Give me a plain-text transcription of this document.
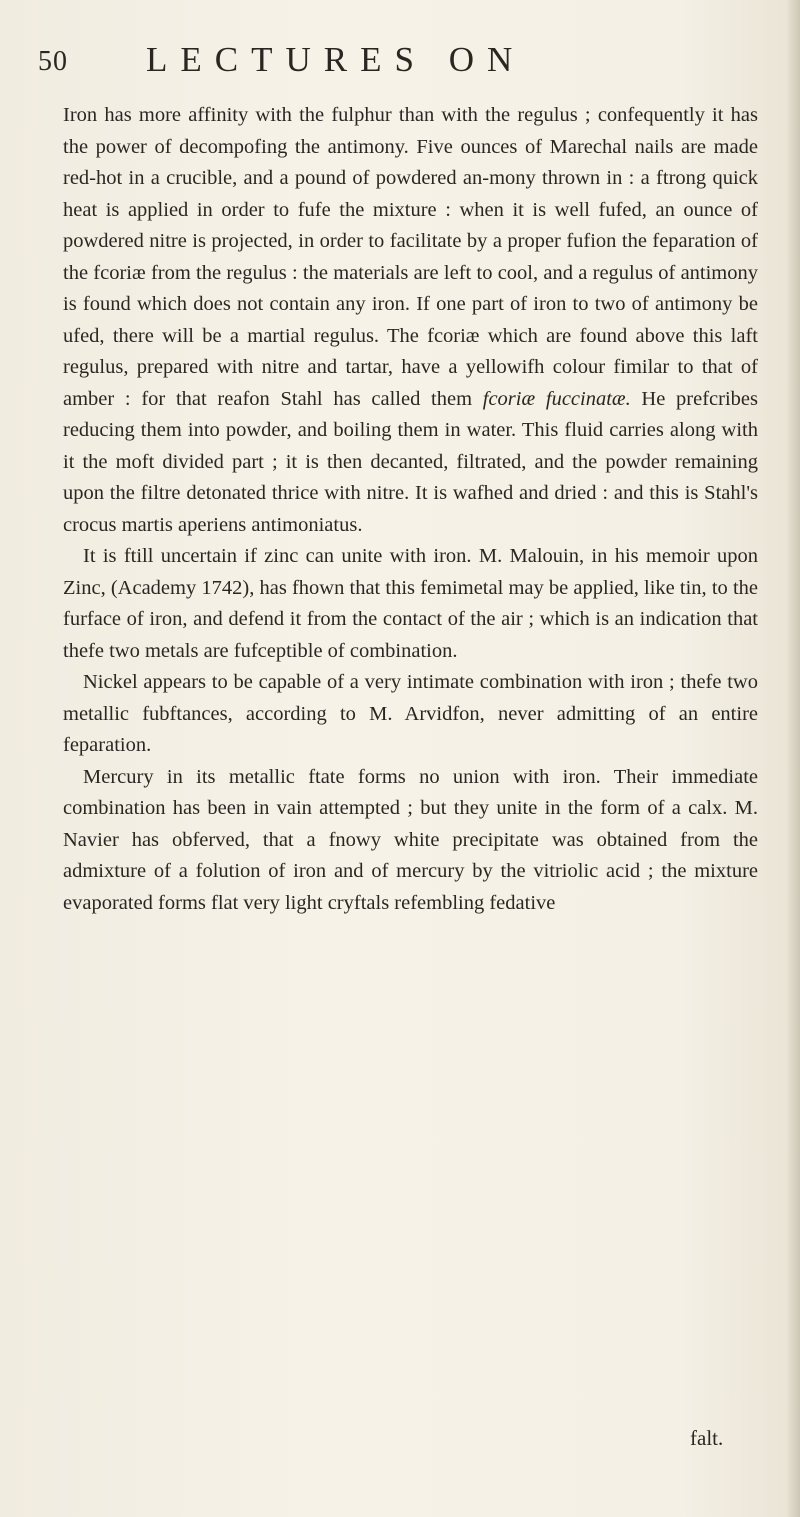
50 LECTURES ON

Iron has more affinity with the fulphur than with the regulus ; confequently it has the power of decompofing the antimony. Five ounces of Marechal nails are made red-hot in a crucible, and a pound of powdered an-mony thrown in : a ftrong quick heat is applied in order to fufe the mixture : when it is well fufed, an ounce of powdered nitre is projected, in order to facilitate by a proper fufion the feparation of the fcoriæ from the regulus : the materials are left to cool, and a regulus of antimony is found which does not contain any iron. If one part of iron to two of antimony be ufed, there will be a martial regulus. The fcoriæ which are found above this laft regulus, prepared with nitre and tartar, have a yellowifh colour fimilar to that of amber : for that reafon Stahl has called them fcoriæ fuccinatæ. He prefcribes reducing them into powder, and boiling them in water. This fluid carries along with it the moft divided part ; it is then decanted, filtrated, and the powder remaining upon the filtre detonated thrice with nitre. It is wafhed and dried : and this is Stahl's crocus martis aperiens antimoniatus.

It is ftill uncertain if zinc can unite with iron. M. Malouin, in his memoir upon Zinc, (Academy 1742), has fhown that this femimetal may be applied, like tin, to the furface of iron, and defend it from the contact of the air ; which is an indication that thefe two metals are fufceptible of combination.

Nickel appears to be capable of a very intimate combination with iron ; thefe two metallic fubftances, according to M. Arvidfon, never admitting of an entire feparation.

Mercury in its metallic ftate forms no union with iron. Their immediate combination has been in vain attempted ; but they unite in the form of a calx. M. Navier has obferved, that a fnowy white precipitate was obtained from the admixture of a folution of iron and of mercury by the vitriolic acid ; the mixture evaporated forms flat very light cryftals refembling fedative

falt.
